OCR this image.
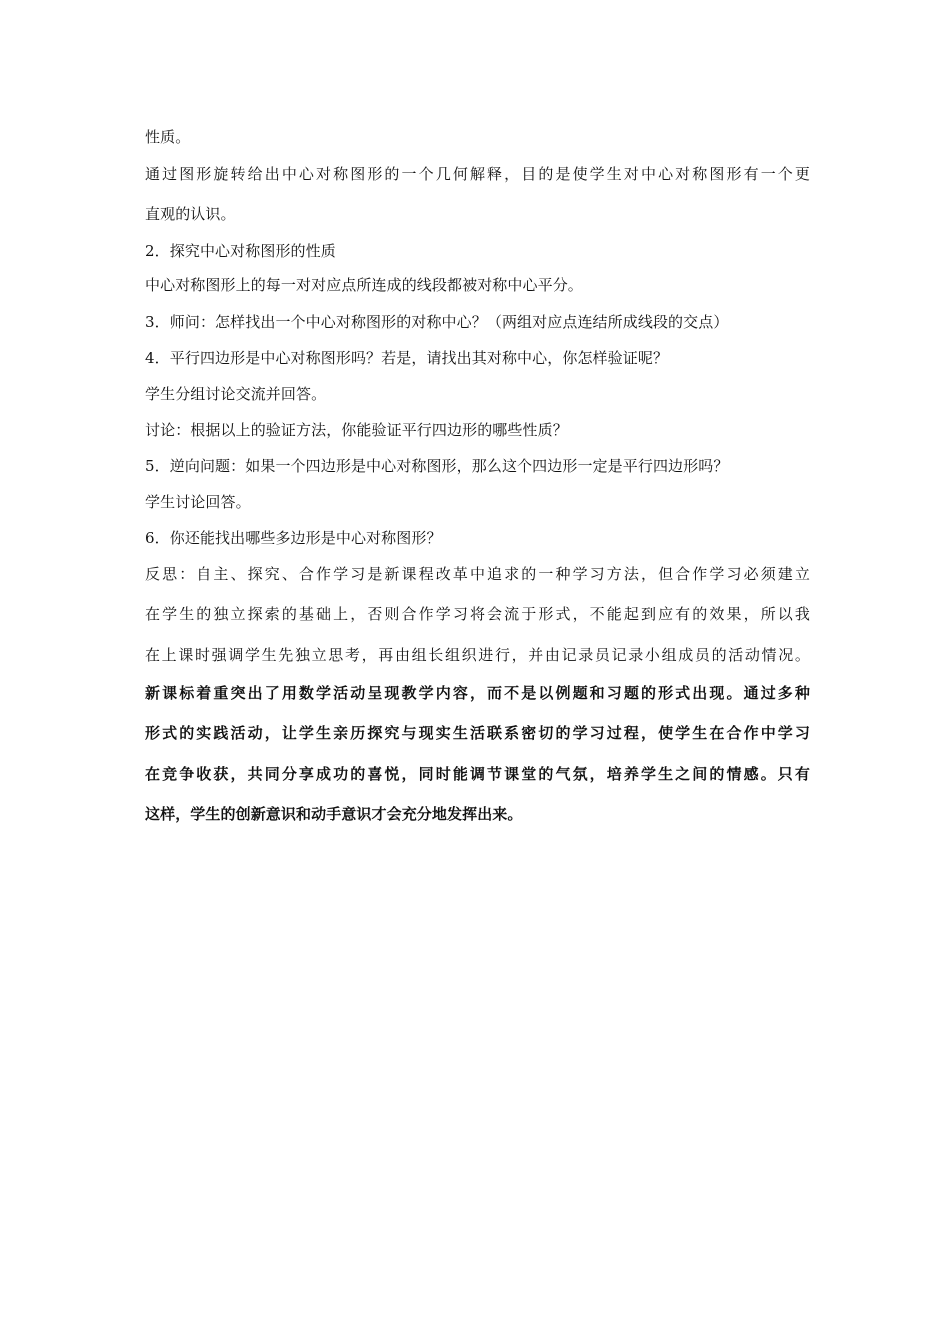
性质。
通过图形旋转给出中心对称图形的一个几何解释，目的是使学生对中心对称图形有一个更
直观的认识。
2．探究中心对称图形的性质
中心对称图形上的每一对对应点所连成的线段都被对称中心平分。
3．师问：怎样找出一个中心对称图形的对称中心？（两组对应点连结所成线段的交点）
4．平行四边形是中心对称图形吗？若是，请找出其对称中心，你怎样验证呢？
学生分组讨论交流并回答。
讨论：根据以上的验证方法，你能验证平行四边形的哪些性质？
5．逆向问题：如果一个四边形是中心对称图形，那么这个四边形一定是平行四边形吗？
学生讨论回答。
6．你还能找出哪些多边形是中心对称图形？
反思：自主、探究、合作学习是新课程改革中追求的一种学习方法，但合作学习必须建立
在学生的独立探索的基础上，否则合作学习将会流于形式，不能起到应有的效果，所以我
在上课时强调学生先独立思考，再由组长组织进行，并由记录员记录小组成员的活动情况。
新课标着重突出了用数学活动呈现教学内容，而不是以例题和习题的形式出现。通过多种
形式的实践活动，让学生亲历探究与现实生活联系密切的学习过程，使学生在合作中学习
在竞争收获，共同分享成功的喜悦，同时能调节课堂的气氛，培养学生之间的情感。只有
这样，学生的创新意识和动手意识才会充分地发挥出来。
